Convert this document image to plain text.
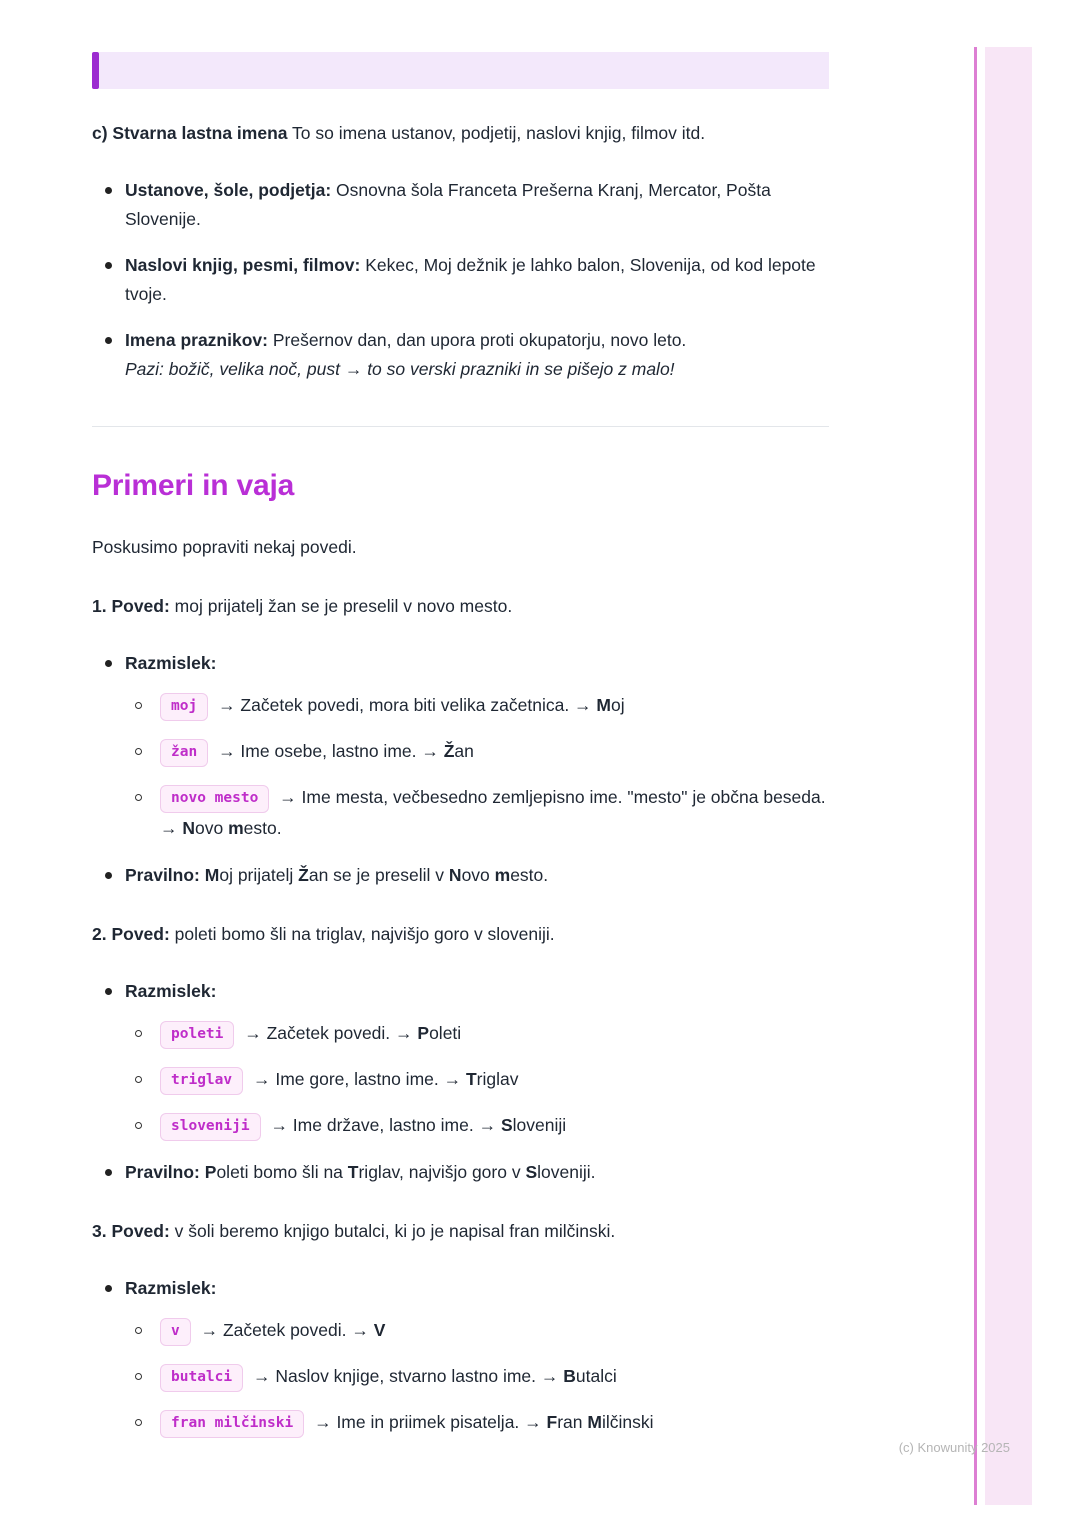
c) Stvarna lastna imena To so imena ustanov, podjetij, naslovi knjig, filmov itd.

Ustanove, šole, podjetja: Osnovna šola Franceta Prešerna Kranj, Mercator, Pošta Slovenije.
Naslovi knjig, pesmi, filmov: Kekec, Moj dežnik je lahko balon, Slovenija, od kod lepote tvoje.
Imena praznikov: Prešernov dan, dan upora proti okupatorju, novo leto.
Pazi: božič, velika noč, pust → to so verski prazniki in se pišejo z malo!
Primeri in vaja

Poskusimo popraviti nekaj povedi.

1. Poved: moj prijatelj žan se je preselil v novo mesto.

Razmislek:
moj → Začetek povedi, mora biti velika začetnica. → Moj
žan → Ime osebe, lastno ime. → Žan
novo mesto → Ime mesta, večbesedno zemljepisno ime. "mesto" je občna beseda. → Novo mesto.
Pravilno: Moj prijatelj Žan se je preselil v Novo mesto.

2. Poved: poleti bomo šli na triglav, najvišjo goro v sloveniji.

Razmislek:
poleti → Začetek povedi. → Poleti
triglav → Ime gore, lastno ime. → Triglav
sloveniji → Ime države, lastno ime. → Sloveniji
Pravilno: Poleti bomo šli na Triglav, najvišjo goro v Sloveniji.

3. Poved: v šoli beremo knjigo butalci, ki jo je napisal fran milčinski.

Razmislek:
v → Začetek povedi. → V
butalci → Naslov knjige, stvarno lastno ime. → Butalci
fran milčinski → Ime in priimek pisatelja. → Fran Milčinski
(c) Knowunity 2025
